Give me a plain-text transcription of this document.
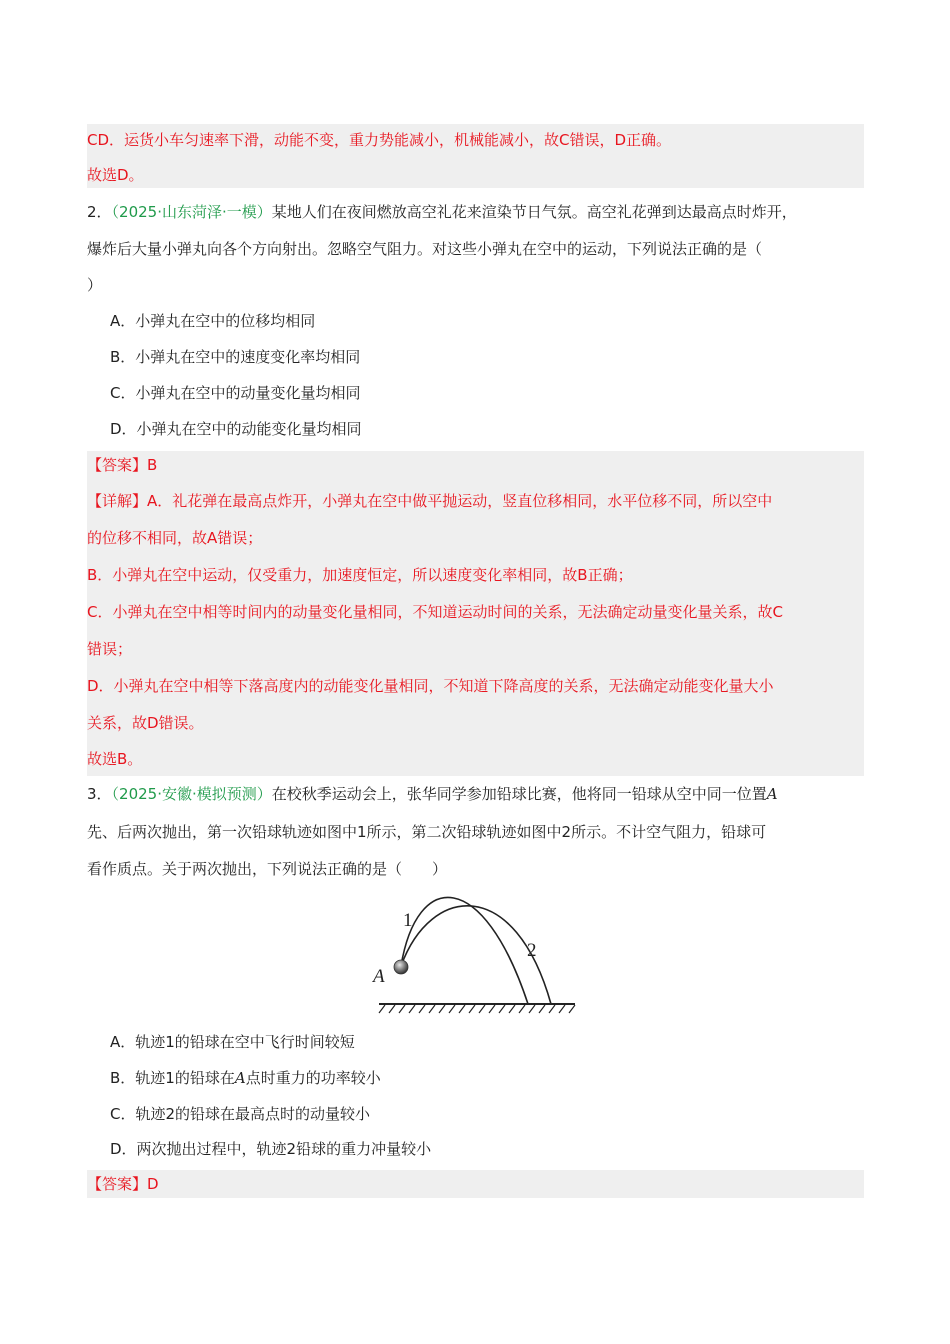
CD．运货小车匀速率下滑，动能不变，重力势能减小，机械能减小，故C错误，D正确。
故选D。
2．（2025·山东菏泽·一模）某地人们在夜间燃放高空礼花来渲染节日气氛。高空礼花弹到达最高点时炸开，
爆炸后大量小弹丸向各个方向射出。忽略空气阻力。对这些小弹丸在空中的运动，下列说法正确的是（
）
A．小弹丸在空中的位移均相同
B．小弹丸在空中的速度变化率均相同
C．小弹丸在空中的动量变化量均相同
D．小弹丸在空中的动能变化量均相同
【答案】B
【详解】A．礼花弹在最高点炸开，小弹丸在空中做平抛运动，竖直位移相同，水平位移不同，所以空中
的位移不相同，故A错误；
B．小弹丸在空中运动，仅受重力，加速度恒定，所以速度变化率相同，故B正确；
C．小弹丸在空中相等时间内的动量变化量相同，不知道运动时间的关系，无法确定动量变化量关系，故C
错误；
D．小弹丸在空中相等下落高度内的动能变化量相同，不知道下降高度的关系，无法确定动能变化量大小
关系，故D错误。
故选B。
3．（2025·安徽·模拟预测）在校秋季运动会上，张华同学参加铅球比赛，他将同一铅球从空中同一位置A
先、后两次抛出，第一次铅球轨迹如图中1所示，第二次铅球轨迹如图中2所示。不计空气阻力，铅球可
看作质点。关于两次抛出，下列说法正确的是（　　）
1
2
A
A．轨迹1的铅球在空中飞行时间较短
B．轨迹1的铅球在A点时重力的功率较小
C．轨迹2的铅球在最高点时的动量较小
D．两次抛出过程中，轨迹2铅球的重力冲量较小
【答案】D
